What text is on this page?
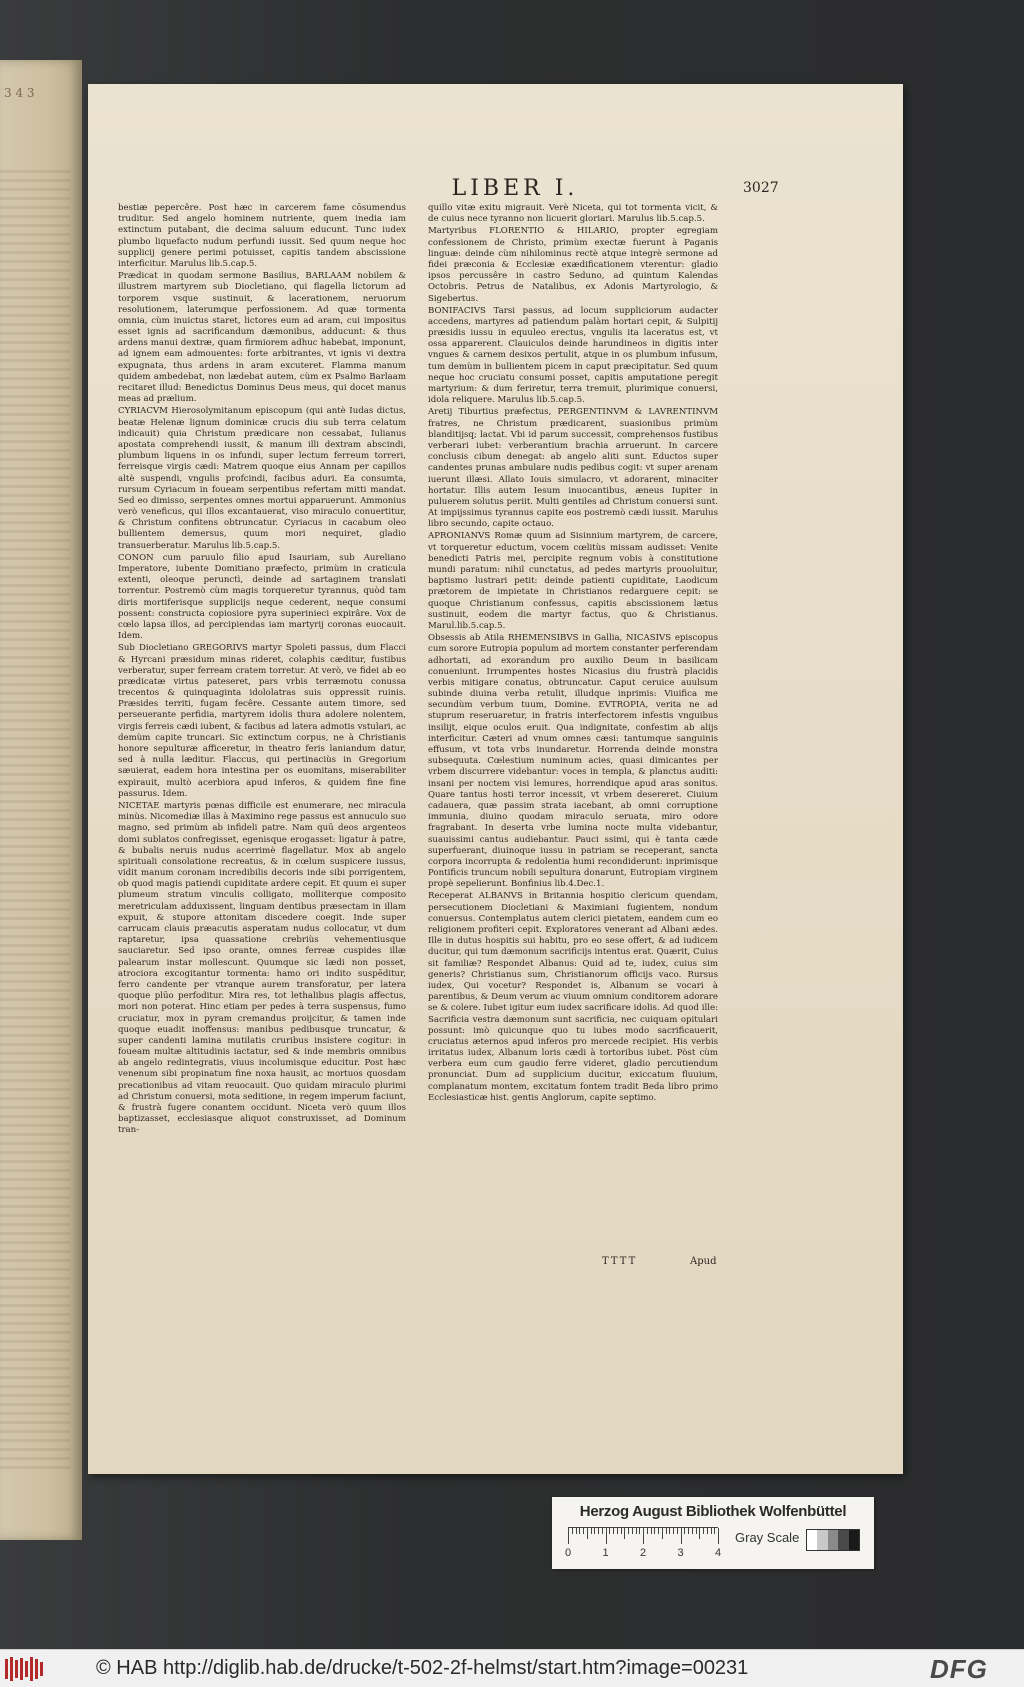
3 4 3
LIBER I.	3027

bestiæ pepercêre. Post hæc in carcerem fame cōsumendus truditur. Sed angelo hominem nutriente, quem inedia iam extinctum putabant, die decima saluum educunt. Tunc iudex plumbo liquefacto nudum perfundi iussit. Sed quum neque hoc supplicij genere perimi potuisset, capitis tandem abscissione interficitur. Marulus lib.5.cap.5.

Prædicat in quodam sermone Basilius, BARLAAM nobilem & illustrem martyrem sub Diocletiano, qui flagella lictorum ad torporem vsque sustinuit, & lacerationem, neruorum resolutionem, laterumque perfossionem. Ad quæ tormenta omnia, cùm inuictus staret, lictores eum ad aram, cui impositus esset ignis ad sacrificandum dæmonibus, adducunt: & thus ardens manui dextræ, quam firmiorem adhuc habebat, imponunt, ad ignem eam admouentes: forte arbitrantes, vt ignis vi dextra expugnata, thus ardens in aram excuteret. Flamma manum quidem ambedebat, non lædebat autem, cùm ex Psalmo Barlaam recitaret illud: Benedictus Dominus Deus meus, qui docet manus meas ad prælium.

CYRIACVM Hierosolymitanum episcopum (qui antè Iudas dictus, beatæ Helenæ lignum dominicæ crucis diu sub terra celatum indicauit) quia Christum prædicare non cessabat, Iulianus apostata comprehendi iussit, & manum illi dextram abscindi, plumbum liquens in os infundi, super lectum ferreum torreri, ferreisque virgis cædi: Matrem quoque eius Annam per capillos altè suspendi, vngulis profcindi, facibus aduri. Ea consumta, rursum Cyriacum in foueam serpentibus refertam mitti mandat. Sed eo dimisso, serpentes omnes mortui apparuerunt. Ammonius verò veneficus, qui illos excantauerat, viso miraculo conuertitur, & Christum confitens obtruncatur. Cyriacus in cacabum oleo bullientem demersus, quum mori nequiret, gladio transuerberatur. Marulus lib.5.cap.5.

CONON cum paruulo filio apud Isauriam, sub Aureliano Imperatore, iubente Domitiano præfecto, primùm in craticula extenti, oleoque perunctì, deinde ad sartaginem translati torrentur. Postremò cùm magis torqueretur tyrannus, quòd tam diris mortiferisque supplicijs neque cederent, neque consumi possent: constructa copiosiore pyra superinieci expirâre. Vox de cœlo lapsa illos, ad percipiendas iam martyrij coronas euocauit. Idem.

Sub Diocletiano GREGORIVS martyr Spoleti passus, dum Flacci & Hyrcani præsidum minas rideret, colaphis cæditur, fustibus verberatur, super ferream cratem torretur. At verò, ve fidei ab eo prædicatæ virtus pateseret, pars vrbis terræmotu conussa trecentos & quinquaginta idololatras suis oppressit ruinis. Præsides territi, fugam fecêre. Cessante autem timore, sed perseuerante perfidia, martyrem idolis thura adolere nolentem, virgis ferreis cædi iubent, & facibus ad latera admotis vstulari, ac demùm capite truncari. Sic extinctum corpus, ne à Christianis honore sepulturæ afficeretur, in theatro feris laniandum datur, sed à nulla læditur. Flaccus, qui pertinaciùs in Gregorium sæuierat, eadem hora intestina per os euomitans, miserabiliter expirauit, multò acerbiora apud inferos, & quidem fine fine passurus. Idem.

NICETAE martyris pœnas difficile est enumerare, nec miracula minùs. Nicomediæ illas à Maximino rege passus est annuculo suo magno, sed primùm ab infideli patre. Nam quū deos argenteos domi sublatos confregisset, egenisque erogasset: ligatur à patre, & bubalis neruis nudus acerrimè flagellatur. Mox ab angelo spirituali consolatione recreatus, & in cœlum suspicere iussus, vidit manum coronam incredibilis decoris inde sibi porrigentem, ob quod magis patiendi cupiditate ardere cepit. Et quum ei super plumeum stratum vinculis colligato, molliterque composito meretriculam adduxissent, linguam dentibus præsectam in illam expuit, & stupore attonitam discedere coegit. Inde super carrucam clauis præacutis asperatam nudus collocatur, vt dum raptaretur, ipsa quassatione crebriùs vehementiusque sauciaretur. Sed ipso orante, omnes ferreæ cuspides illæ palearum instar mollescunt. Quumque sic lædi non posset, atrociora excogitantur tormenta: hamo ori indito suspēditur, ferro candente per vtranque aurem transforatur, per latera quoque plūo perfoditur. Mira res, tot lethalibus plagis affectus, mori non poterat. Hinc etiam per pedes à terra suspensus, fumo cruciatur, mox in pyram cremandus proijcitur, & tamen inde quoque euadit inoffensus: manibus pedibusque truncatur, & super candenti lamina mutilatis cruribus insistere cogitur: in foueam multæ altitudinis iactatur, sed & inde membris omnibus ab angelo redintegratis, viuus incolumisque educitur. Post hæc venenum sibi propinatum fine noxa hausit, ac mortuos quosdam precationibus ad vitam reuocauit. Quo quidam miraculo plurimi ad Christum conuersi, mota seditione, in regem imperum faciunt, & frustrà fugere conantem occidunt. Niceta verò quum illos baptizasset, ecclesiasque aliquot construxisset, ad Dominum tran-

quillo vitæ exitu migrauit. Verè Niceta, qui tot tormenta vicit, & de cuius nece tyranno non licuerit gloriari. Marulus lib.5.cap.5.

Martyribus FLORENTIO & HILARIO, propter egregiam confessionem de Christo, primùm exectæ fuerunt à Paganis linguæ: deinde cùm nihilominus rectè atque integrè sermone ad fidei præconia & Ecclesiæ exædificationem vterentur: gladio ipsos percussêre in castro Seduno, ad quintum Kalendas Octobris. Petrus de Natalibus, ex Adonis Martyrologio, & Sigebertus.

BONIFACIVS Tarsi passus, ad locum suppliciorum audacter accedens, martyres ad patiendum palàm hortari cepit, & Sulpitij præsidis iussu in equuleo erectus, vngulis ita laceratus est, vt ossa apparerent. Clauiculos deinde harundineos in digitis inter vngues & carnem desixos pertulit, atque in os plumbum infusum, tum demùm in bullientem picem in caput præcipitatur. Sed quum neque hoc cruciatu consumi posset, capitis amputatione peregit martyrium: & dum feriretur, terra tremuit, plurimique conuersi, idola reliquere. Marulus lib.5.cap.5.

Aretij Tiburtius præfectus, PERGENTINVM & LAVRENTINVM fratres, ne Christum prædicarent, suasionibus primùm blanditijsq; lactat. Vbi id parum successit, comprehensos fustibus verberari iubet: verberantium brachia arruerunt. In carcere conclusis cibum denegat: ab angelo aliti sunt. Eductos super candentes prunas ambulare nudis pedibus cogit: vt super arenam iuerunt illæsi. Allato Iouis simulacro, vt adorarent, minaciter hortatur. Illis autem Iesum inuocantibus, æneus Iupiter in puluerem solutus periit. Multi gentiles ad Christum conuersi sunt. At impijssimus tyrannus capite eos postremò cædi iussit. Marulus libro secundo, capite octauo.

APRONIANVS Romæ quum ad Sisinnium martyrem, de carcere, vt torqueretur eductum, vocem cœlitùs missam audisset: Venite benedicti Patris mei, percipite regnum vobis à constitutione mundi paratum: nihil cunctatus, ad pedes martyris prouoluitur, baptismo lustrari petit: deinde patienti cupiditate, Laodicum prætorem de impietate in Christianos redarguere cepit: se quoque Christianum confessus, capitis abscissionem lætus sustinuit, eodem die martyr factus, quo & Christianus. Marul.lib.5.cap.5.

Obsessis ab Atila RHEMENSIBVS in Gallia, NICASIVS episcopus cum sorore Eutropia populum ad mortem constanter perferendam adhortati, ad exorandum pro auxilio Deum in basilicam conueniunt. Irrumpentes hostes Nicasius diu frustrà placidis verbis mitigare conatus, obtruncatur. Caput ceruice auulsum subinde diuina verba retulit, illudque inprimis: Viuifica me secundùm verbum tuum, Domine. EVTROPIA, verita ne ad stuprum reseruaretur, in fratris interfectorem infestis vnguibus insilijt, eique oculos eruit. Qua indignitate, confestim ab alijs interficitur. Cæteri ad vnum omnes cæsi: tantumque sanguinis effusum, vt tota vrbs inundaretur. Horrenda deinde monstra subsequuta. Cœlestium numinum acies, quasi dimicantes per vrbem discurrere videbantur: voces in templa, & planctus auditi: insani per noctem visi lemures, horrendique apud aras sonitus. Quare tantus hosti terror incessit, vt vrbem desereret. Ciuium cadauera, quæ passim strata iacebant, ab omni corruptione immunia, diuino quodam miraculo seruata, miro odore fragrabant. In deserta vrbe lumina nocte multa videbantur, suauissimi cantus audiebantur. Pauci ssimi, qui è tanta cæde superfuerant, diuinoque iussu in patriam se receperant, sancta corpora incorrupta & redolentia humi recondiderunt: inprimisque Pontificis truncum nobili sepultura donarunt, Eutropiam virginem propè sepelierunt. Bonfinius lib.4.Dec.1.

Receperat ALBANVS in Britannia hospitio clericum quendam, persecutionem Diocletiani & Maximiani fugientem, nondum conuersus. Contemplatus autem clerici pietatem, eandem cum eo religionem profiteri cepit. Exploratores venerant ad Albani ædes. Ille in dutus hospitis sui habitu, pro eo sese offert, & ad iudicem ducitur, qui tum dæmonum sacrificijs intentus erat. Quærit, Cuius sit familiæ? Respondet Albanus: Quid ad te, iudex, cuius sim generis? Christianus sum, Christianorum officijs vaco. Rursus iudex, Qui vocetur? Respondet is, Albanum se vocari à parentibus, & Deum verum ac viuum omnium conditorem adorare se & colere. Iubet igitur eum iudex sacrificare idolis. Ad quod ille: Sacrificia vestra dæmonum sunt sacrificia, nec cuiquam opitulari possunt: imò quicunque quo tu iubes modo sacrificauerit, cruciatus æternos apud inferos pro mercede recipiet. His verbis irritatus iudex, Albanum loris cædi à tortoribus iubet. Pòst cùm verbera eum cum gaudio ferre videret, gladio percutiendum pronunciat. Dum ad supplicium ducitur, exiccatum fluuium, complanatum montem, excitatum fontem tradit Beda libro primo Ecclesiasticæ hist. gentis Anglorum, capite septimo.

TTTT	Apud
Herzog August Bibliothek Wolfenbüttel
0	1	2	3	4
Gray Scale
© HAB http://diglib.hab.de/drucke/t-502-2f-helmst/start.htm?image=00231	DFG
